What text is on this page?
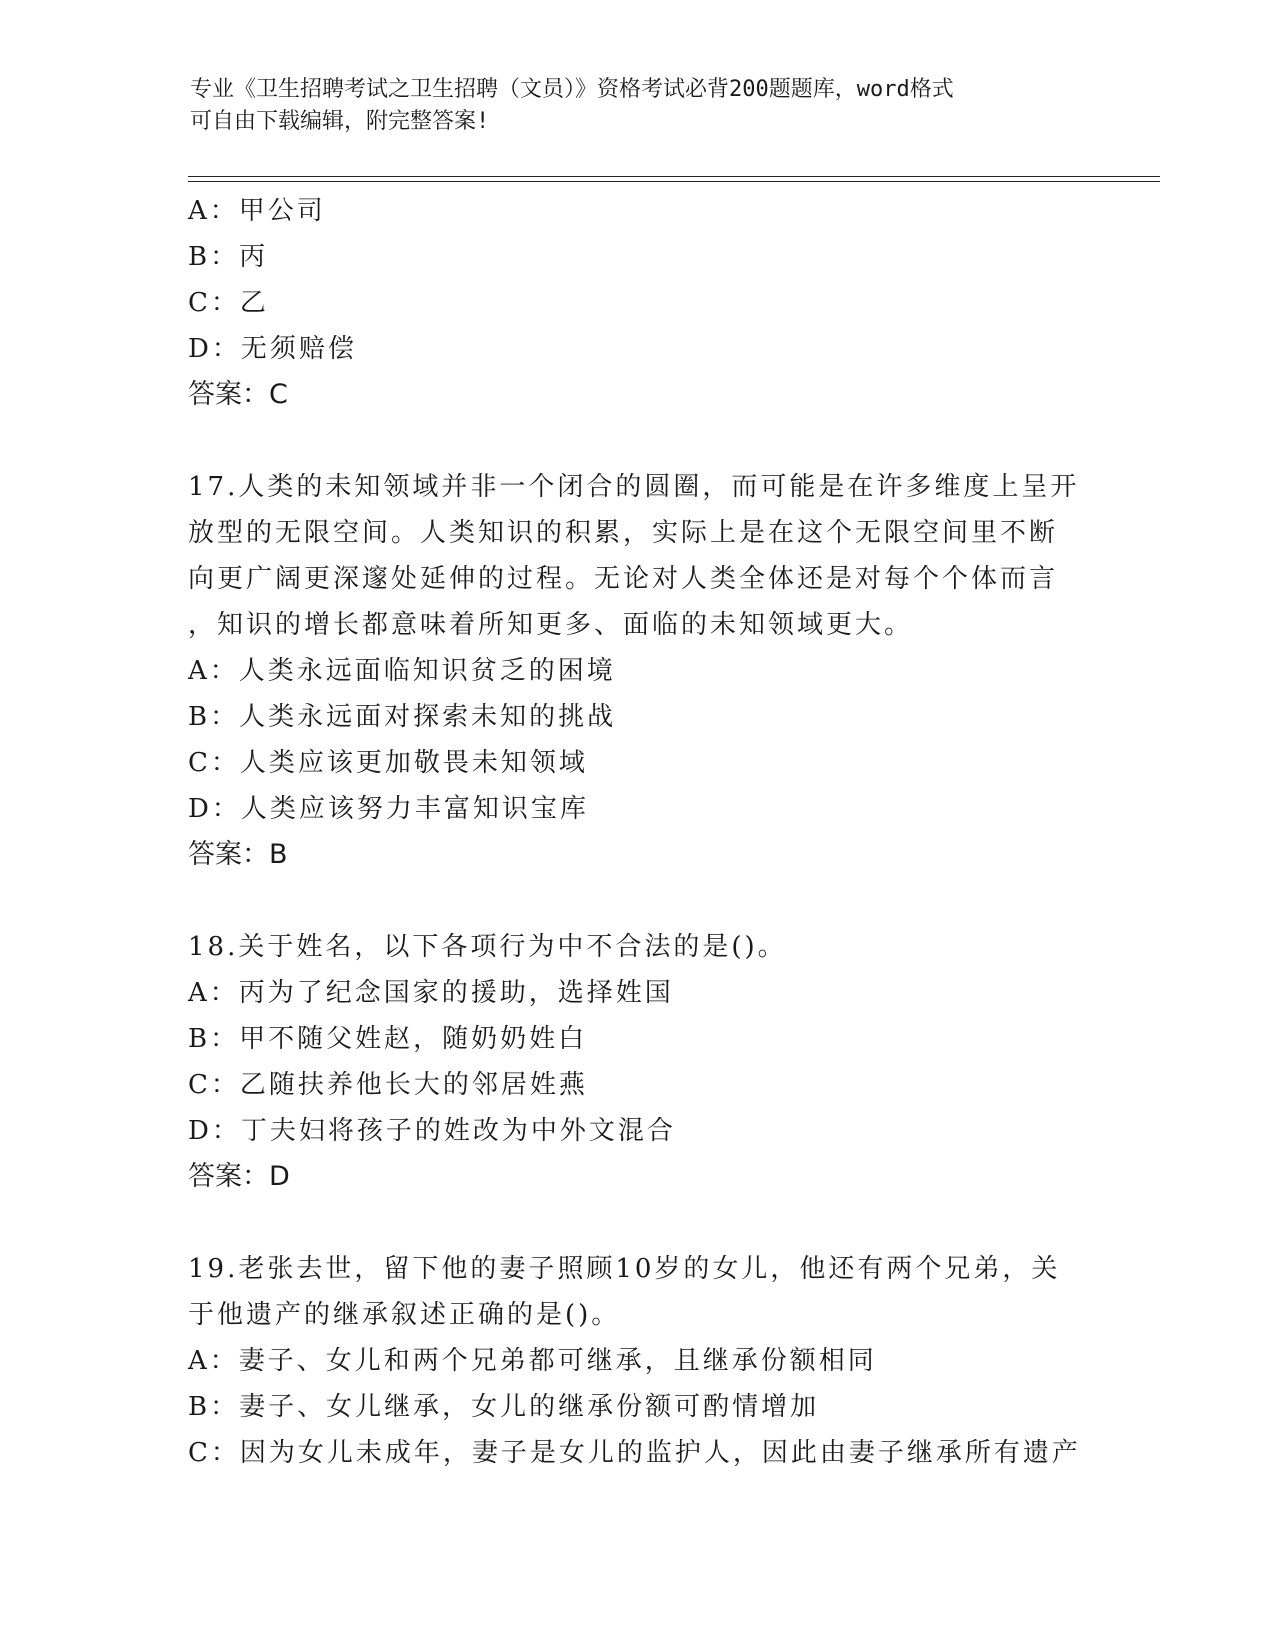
专业《卫生招聘考试之卫生招聘（文员）》资格考试必背200题题库，word格式
可自由下载编辑，附完整答案!
A：甲公司
B：丙
C：乙
D：无须赔偿
答案：C
17.人类的未知领域并非一个闭合的圆圈，而可能是在许多维度上呈开
放型的无限空间。人类知识的积累，实际上是在这个无限空间里不断
向更广阔更深邃处延伸的过程。无论对人类全体还是对每个个体而言
，知识的增长都意味着所知更多、面临的未知领域更大。
A：人类永远面临知识贫乏的困境
B：人类永远面对探索未知的挑战
C：人类应该更加敬畏未知领域
D：人类应该努力丰富知识宝库
答案：B
18.关于姓名，以下各项行为中不合法的是()。
A：丙为了纪念国家的援助，选择姓国
B：甲不随父姓赵，随奶奶姓白
C：乙随扶养他长大的邻居姓燕
D：丁夫妇将孩子的姓改为中外文混合
答案：D
19.老张去世，留下他的妻子照顾10岁的女儿，他还有两个兄弟，关
于他遗产的继承叙述正确的是()。
A：妻子、女儿和两个兄弟都可继承，且继承份额相同
B：妻子、女儿继承，女儿的继承份额可酌情增加
C：因为女儿未成年，妻子是女儿的监护人，因此由妻子继承所有遗产
